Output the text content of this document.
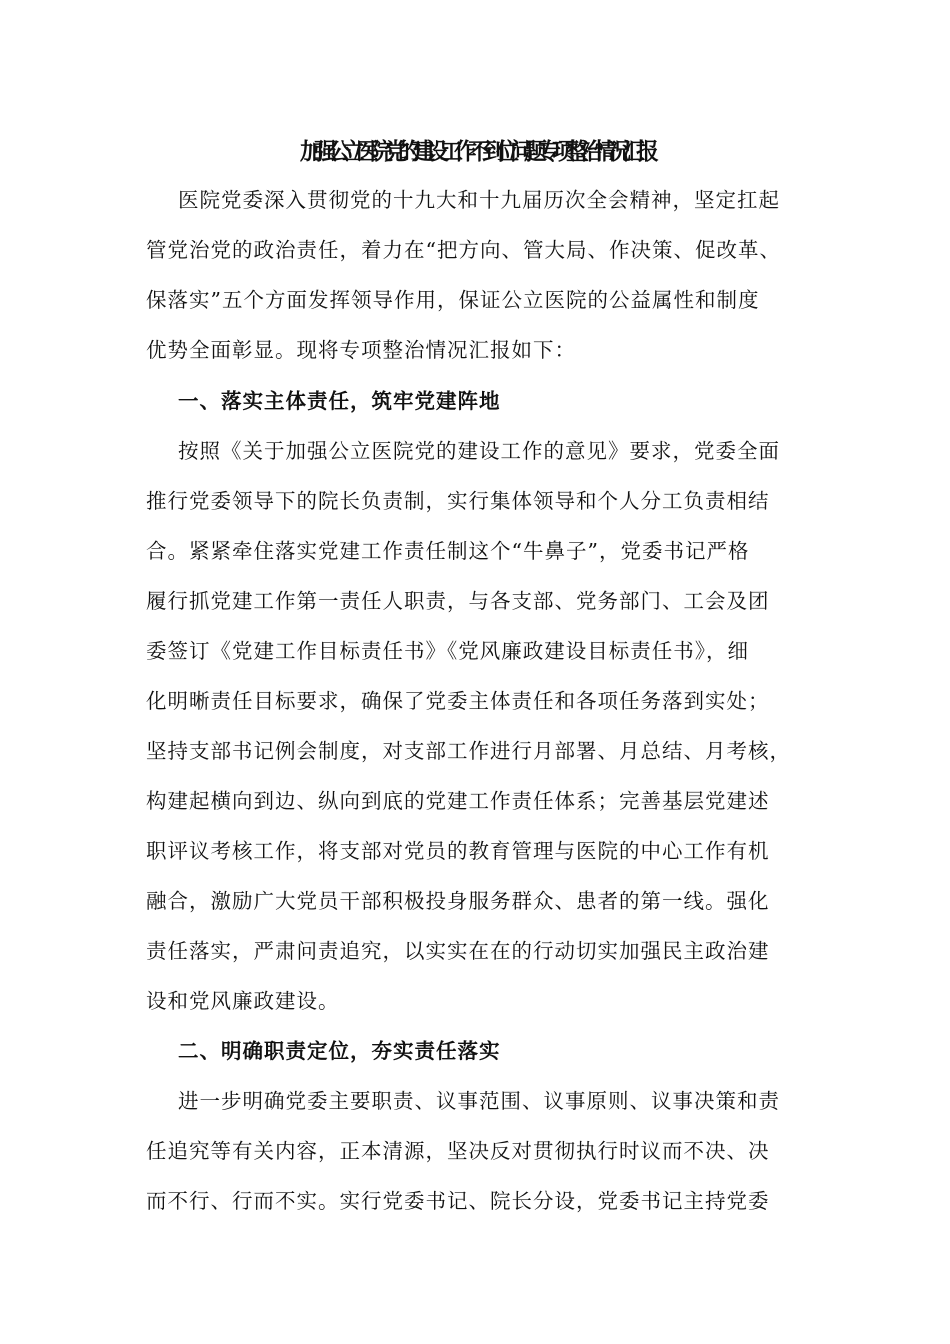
加强公立医院党的建设工作不到位问题专项整治情况汇报
医院党委深入贯彻党的十九大和十九届历次全会精神，坚定扛起
管党治党的政治责任，着力在“把方向、管大局、作决策、促改革、
保落实”五个方面发挥领导作用，保证公立医院的公益属性和制度
优势全面彰显。现将专项整治情况汇报如下：
一、落实主体责任，筑牢党建阵地
按照《关于加强公立医院党的建设工作的意见》要求，党委全面
推行党委领导下的院长负责制，实行集体领导和个人分工负责相结
合。紧紧牵住落实党建工作责任制这个“牛鼻子”，党委书记严格
履行抓党建工作第一责任人职责，与各支部、党务部门、工会及团
委签订《党建工作目标责任书》《党风廉政建设目标责任书》，细
化明晰责任目标要求，确保了党委主体责任和各项任务落到实处；
坚持支部书记例会制度，对支部工作进行月部署、月总结、月考核，
构建起横向到边、纵向到底的党建工作责任体系；完善基层党建述
职评议考核工作，将支部对党员的教育管理与医院的中心工作有机
融合，激励广大党员干部积极投身服务群众、患者的第一线。强化
责任落实，严肃问责追究，以实实在在的行动切实加强民主政治建
设和党风廉政建设。
二、明确职责定位，夯实责任落实
进一步明确党委主要职责、议事范围、议事原则、议事决策和责
任追究等有关内容，正本清源，坚决反对贯彻执行时议而不决、决
而不行、行而不实。实行党委书记、院长分设，党委书记主持党委
